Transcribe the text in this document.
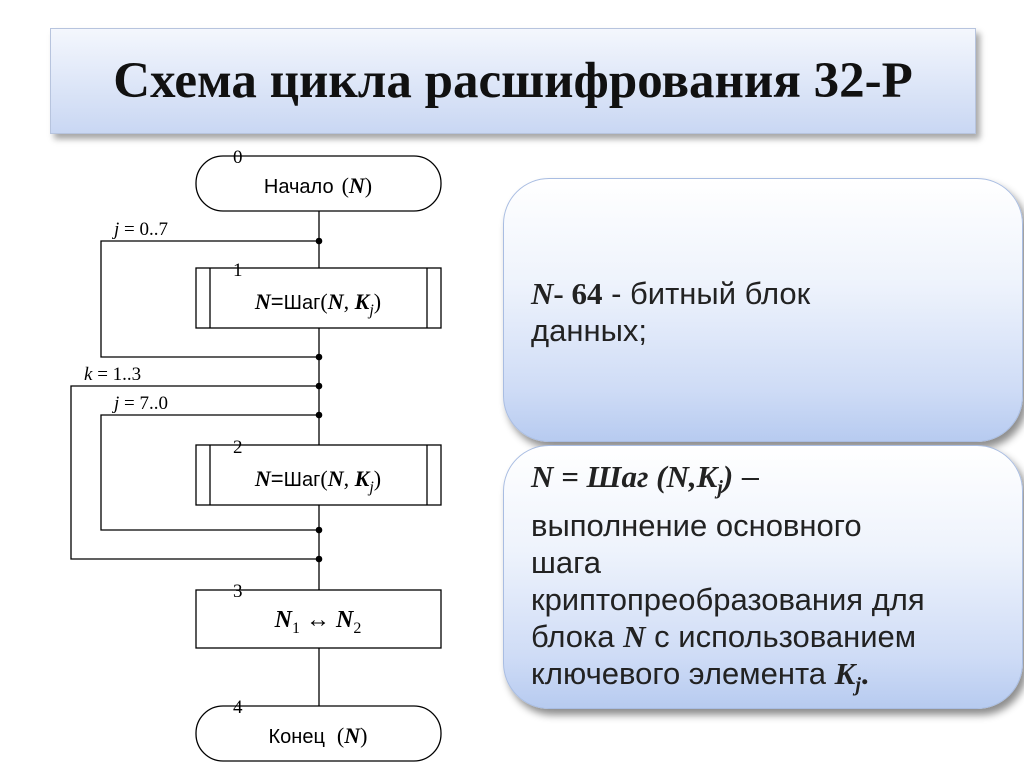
Схема цикла расшифрования 32-Р
0
1
2
3
4
Начало (N)
j = 0..7
k = 1..3
j = 7..0
N=Шаг(N, $K_j$)
N=Шаг(N, $K_j$)
$N_1$ ↔ $N_2$
Конец (N)
N- 64 - битный блок
данных;
N = Шаг $(N,K_j)$ –
выполнение основного
шага
криптопреобразования для
блока N с использованием
ключевого элемента $K_j$.
